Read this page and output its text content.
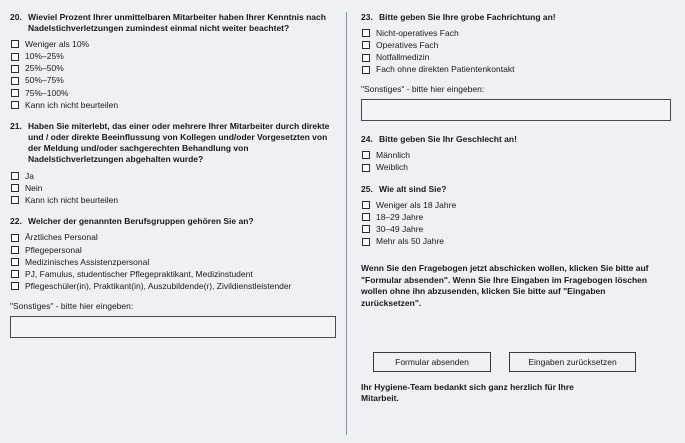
20. Wieviel Prozent Ihrer unmittelbaren Mitarbeiter haben Ihrer Kenntnis nach Nadelstichverletzungen zumindest einmal nicht weiter beachtet?
Weniger als 10%
10%–25%
25%–50%
50%–75%
75%–100%
Kann ich nicht beurteilen
21. Haben Sie miterlebt, das einer oder mehrere Ihrer Mitarbeiter durch direkte und / oder direkte Beeinflussung von Kollegen und/oder Vorgesetzten von der Meldung und/oder sachgerechten Behandlung von Nadelstichverletzungen abgehalten wurde?
Ja
Nein
Kann ich nicht beurteilen
22. Welcher der genannten Berufsgruppen gehören Sie an?
Ärztliches Personal
Pflegepersonal
Medizinisches Assistenzpersonal
PJ, Famulus, studentischer Pflegepraktikant, Medizinstudent
Pflegeschüler(in), Praktikant(in), Auszubildende(r), Zivildienstleistender
"Sonstiges" - bitte hier eingeben:
23. Bitte geben Sie Ihre grobe Fachrichtung an!
Nicht-operatives Fach
Operatives Fach
Notfallmedizin
Fach ohne direkten Patientenkontakt
"Sonstiges" - bitte hier eingeben:
24. Bitte geben Sie Ihr Geschlecht an!
Männlich
Weiblich
25. Wie alt sind Sie?
Weniger als 18 Jahre
18–29 Jahre
30–49 Jahre
Mehr als 50 Jahre

Wenn Sie den Fragebogen jetzt abschicken wollen, klicken Sie bitte auf "Formular absenden". Wenn Sie Ihre Eingaben im Fragebogen löschen wollen ohne ihn abzusenden, klicken Sie bitte auf "Eingaben zurücksetzen".

Formular absenden	Eingaben zurücksetzen

Ihr Hygiene-Team bedankt sich ganz herzlich für Ihre Mitarbeit.
